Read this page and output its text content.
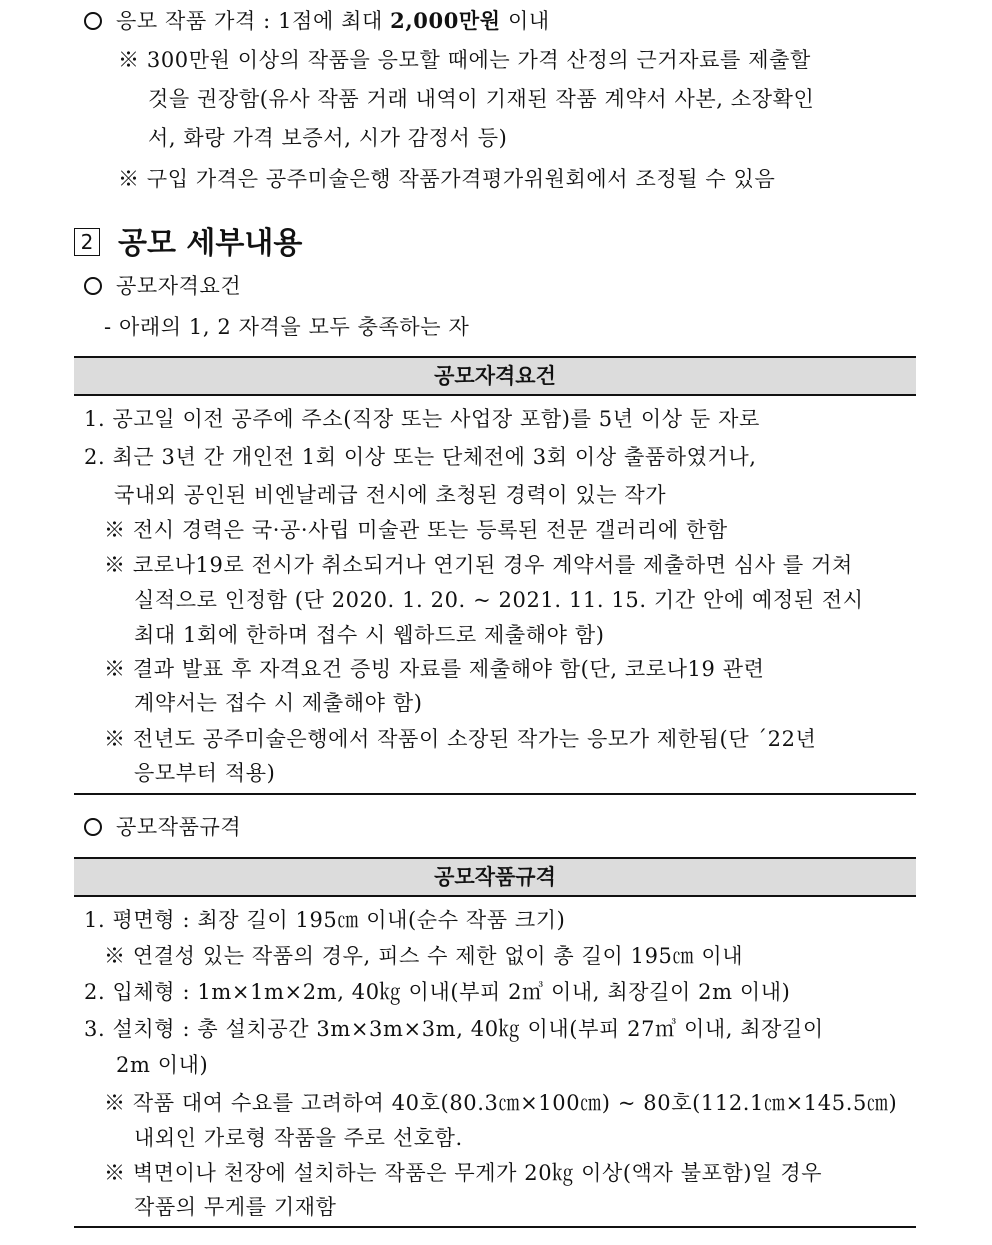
응모 작품 가격 : 1점에 최대 2,000만원 이내
※ 300만원 이상의 작품을 응모할 때에는 가격 산정의 근거자료를 제출할
것을 권장함(유사 작품 거래 내역이 기재된 작품 계약서 사본, 소장확인
서, 화랑 가격 보증서, 시가 감정서 등)
※ 구입 가격은 공주미술은행 작품가격평가위원회에서 조정될 수 있음
2 공모 세부내용
공모자격요건
- 아래의 1, 2 자격을 모두 충족하는 자
공모자격요건
1. 공고일 이전 공주에 주소(직장 또는 사업장 포함)를 5년 이상 둔 자로
2. 최근 3년 간 개인전 1회 이상 또는 단체전에 3회 이상 출품하였거나,
국내외 공인된 비엔날레급 전시에 초청된 경력이 있는 작가
※ 전시 경력은 국·공·사립 미술관 또는 등록된 전문 갤러리에 한함
※ 코로나19로 전시가 취소되거나 연기된 경우 계약서를 제출하면 심사 를 거쳐
실적으로 인정함 (단 2020. 1. 20. ~ 2021. 11. 15. 기간 안에 예정된 전시
최대 1회에 한하며 접수 시 웹하드로 제출해야 함)
※ 결과 발표 후 자격요건 증빙 자료를 제출해야 함(단, 코로나19 관련
계약서는 접수 시 제출해야 함)
※ 전년도 공주미술은행에서 작품이 소장된 작가는 응모가 제한됨(단 ´22년
응모부터 적용)
공모작품규격
공모작품규격
1. 평면형 : 최장 길이 195㎝ 이내(순수 작품 크기)
※ 연결성 있는 작품의 경우, 피스 수 제한 없이 총 길이 195㎝ 이내
2. 입체형 : 1m×1m×2m, 40㎏ 이내(부피 2㎥ 이내, 최장길이 2m 이내)
3. 설치형 : 총 설치공간 3m×3m×3m, 40㎏ 이내(부피 27㎥ 이내, 최장길이
2m 이내)
※ 작품 대여 수요를 고려하여 40호(80.3㎝×100㎝) ~ 80호(112.1㎝×145.5㎝)
내외인 가로형 작품을 주로 선호함.
※ 벽면이나 천장에 설치하는 작품은 무게가 20㎏ 이상(액자 불포함)일 경우
작품의 무게를 기재함
